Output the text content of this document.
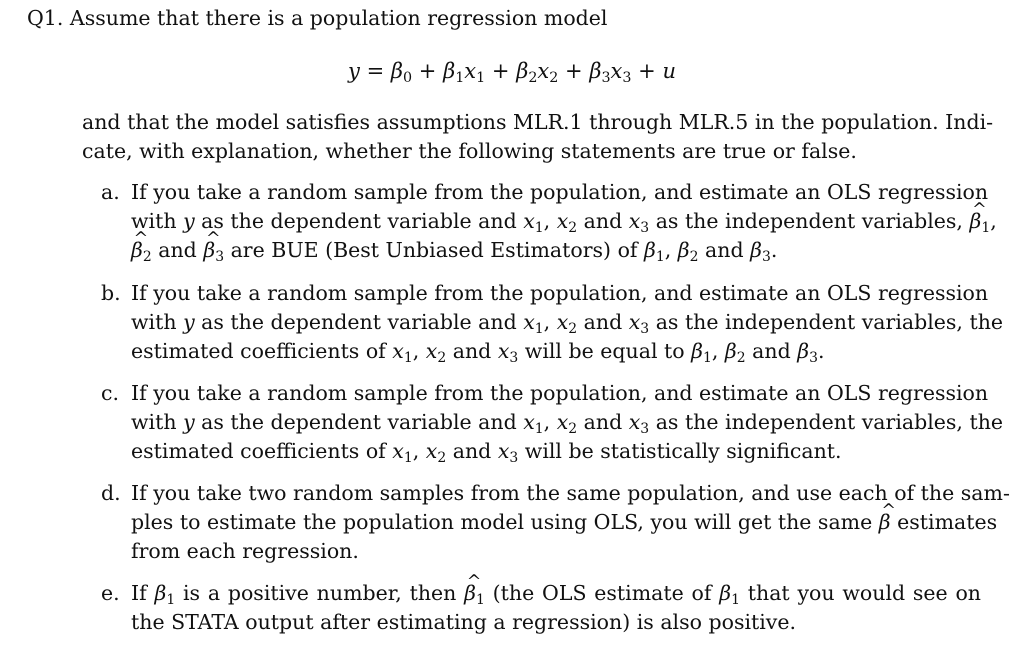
Q1. Assume that there is a population regression model
$y = \beta_0 + \beta_1x_1 + \beta_2x_2 + \beta_3x_3 + u$
and that the model satisfies assumptions MLR.1 through MLR.5 in the population. Indi-
cate, with explanation, whether the following statements are true or false.
a. If you take a random sample from the population, and estimate an OLS regression
with y as the dependent variable and $x_1$, $x_2$ and $x_3$ as the independent variables, ^ $\beta_1$,
^ $\beta_2$ and ^ $\beta_3$ are BUE (Best Unbiased Estimators) of $\beta_1$, $\beta_2$ and $\beta_3$.
b. If you take a random sample from the population, and estimate an OLS regression
with y as the dependent variable and $x_1$, $x_2$ and $x_3$ as the independent variables, the
estimated coefficients of $x_1$, $x_2$ and $x_3$ will be equal to $\beta_1$, $\beta_2$ and $\beta_3$.
c. If you take a random sample from the population, and estimate an OLS regression
with y as the dependent variable and $x_1$, $x_2$ and $x_3$ as the independent variables, the
estimated coefficients of $x_1$, $x_2$ and $x_3$ will be statistically significant.
d. If you take two random samples from the same population, and use each of the sam-
ples to estimate the population model using OLS, you will get the same ^ β estimates
from each regression.
e. If $\beta_1$ is a positive number, then ^ $\beta_1$ (the OLS estimate of $\beta_1$ that you would see on
the STATA output after estimating a regression) is also positive.
